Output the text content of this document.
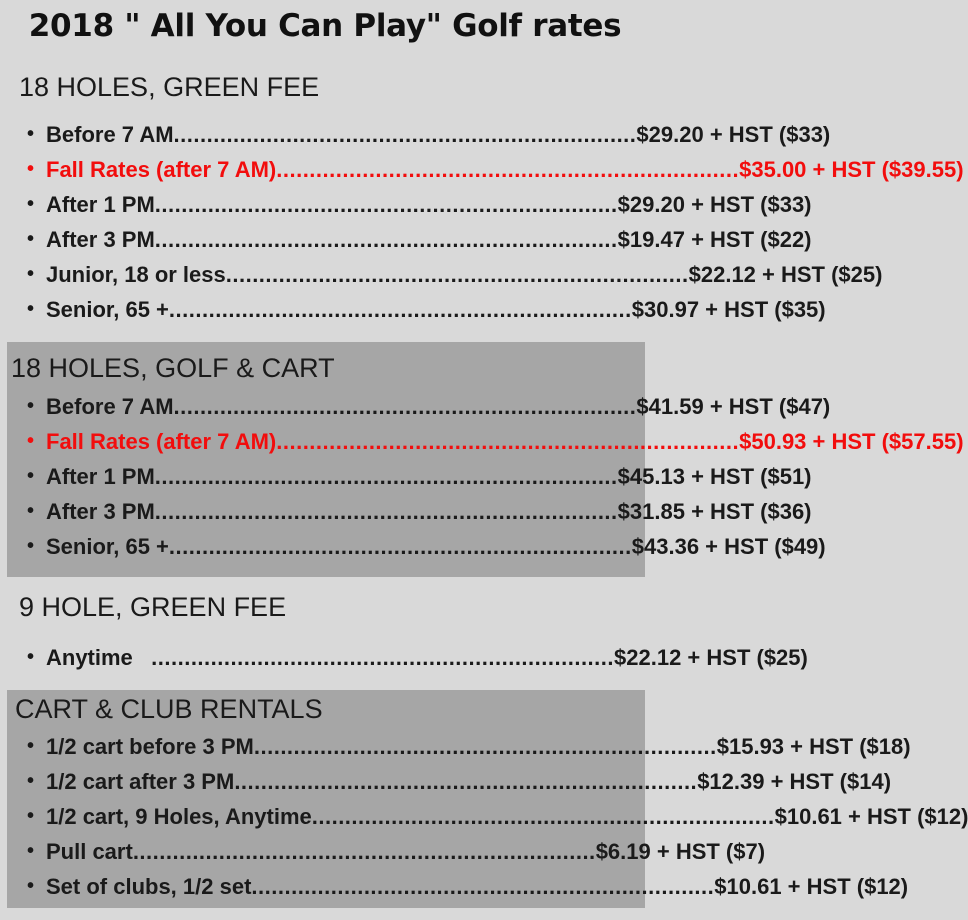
2018 " All You Can Play" Golf rates
18 HOLES, GREEN FEE
• Before 7 AM ...................................................................... $29.20 + HST ($33)
• Fall Rates (after 7 AM) ...................................................................... $35.00 + HST ($39.55)
• After 1 PM ...................................................................... $29.20 + HST ($33)
• After 3 PM ...................................................................... $19.47 + HST ($22)
• Junior, 18 or less ...................................................................... $22.12 + HST ($25)
• Senior, 65 + ...................................................................... $30.97 + HST ($35)
18 HOLES, GOLF & CART
• Before 7 AM ...................................................................... $41.59 + HST ($47)
• Fall Rates (after 7 AM) ...................................................................... $50.93 + HST ($57.55)
• After 1 PM ...................................................................... $45.13 + HST ($51)
• After 3 PM ...................................................................... $31.85 + HST ($36)
• Senior, 65 + ...................................................................... $43.36 + HST ($49)
9 HOLE, GREEN FEE
• Anytime ...................................................................... $22.12 + HST ($25)
CART & CLUB RENTALS
• 1/2 cart before 3 PM ...................................................................... $15.93 + HST ($18)
• 1/2 cart after 3 PM ...................................................................... $12.39 + HST ($14)
• 1/2 cart, 9 Holes, Anytime ...................................................................... $10.61 + HST ($12)
• Pull cart ...................................................................... $6.19 + HST ($7)
• Set of clubs, 1/2 set ...................................................................... $10.61 + HST ($12)
